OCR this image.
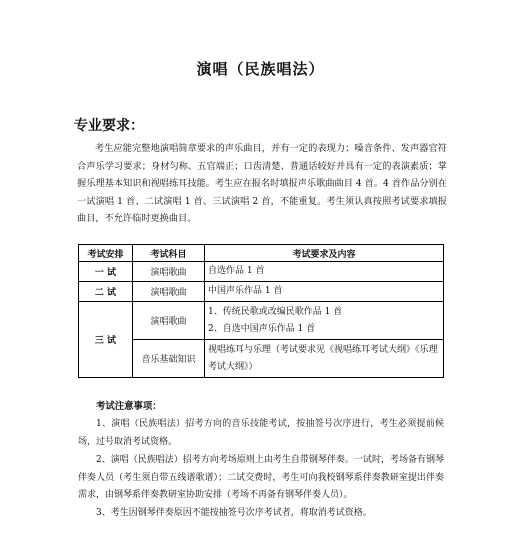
演唱（民族唱法）
专业要求：

考生应能完整地演唱简章要求的声乐曲目，并有一定的表现力；嗓音条件、发声器官符合声乐学习要求；身材匀称、五官端正；口齿清楚、普通话较好并具有一定的表演素质；掌握乐理基本知识和视唱练耳技能。考生应在报名时填报声乐歌曲曲目 4 首。4 首作品分别在一试演唱 1 首、二试演唱 1 首、三试演唱 2 首，不能重复。考生须认真按照考试要求填报曲目，不允许临时更换曲目。

考试安排	考试科目	考试要求及内容
一 试	演唱歌曲	自选作品 1 首
二 试	演唱歌曲	中国声乐作品 1 首
三 试	演唱歌曲	1、传统民歌或改编民歌作品 1 首
2、自选中国声乐作品 1 首

	音乐基础知识	视唱练耳与乐理（考试要求见《视唱练耳考试大纲》《乐理考试大纲》）
考试注意事项：

1、演唱（民族唱法）招考方向的音乐技能考试，按抽签号次序进行，考生必须提前候场，过号取消考试资格。

2、演唱（民族唱法）招考方向考场原则上由考生自带钢琴伴奏。一试时，考场备有钢琴伴奏人员（考生须自带五线谱歌谱）；二试交费时，考生可向我校钢琴系伴奏教研室提出伴奏需求，由钢琴系伴奏教研室协助安排（考场不再备有钢琴伴奏人员）。

3、考生因钢琴伴奏原因不能按抽签号次序考试者，将取消考试资格。
